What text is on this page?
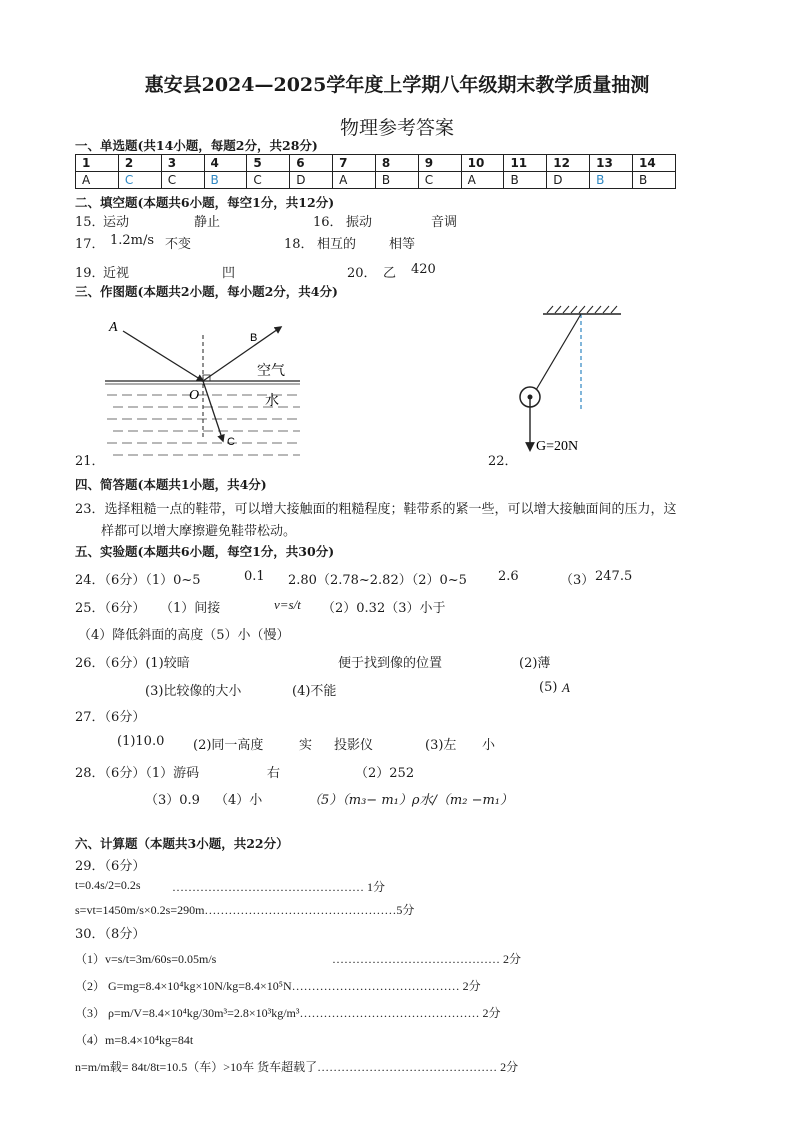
惠安县2024—2025学年度上学期八年级期末教学质量抽测
物理参考答案
一、单选题(共14小题，每题2分，共28分)
1	2	3	4	5	6	7	8	9	10	11	12	13	14
A	C	C	B	C	D	A	B	C	A	B	D	B	B
二、填空题(本题共6小题，每空1分，共12分)
15．
运动	静止	16． 振动	音调
17． 1.2m/s 不变	18． 相互的	相等
19．
近视	凹	20． 乙 420
三、作图题(本题共2小题，每小题2分，共4分)
A
B
O
C
空气
水
21．
G=20N
22．
四、简答题(本题共1小题，共4分)
23．选择粗糙一点的鞋带，可以增大接触面的粗糙程度；鞋带系的紧一些，可以增大接触面间的压力，这
样都可以增大摩擦避免鞋带松动。
五、实验题(本题共6小题，每空1分，共30分)
24．（6分）（1）0~5	0.1 2.80（2.78~2.82）（2）0~5 2.6	（3） 247.5
25．（6分） （1）间接	v=s/t （2）0.32（3）小于
（4）降低斜面的高度（5）小（慢）
26．（6分）(1)较暗	便于找到像的位置	(2)薄
(3)比较像的大小	(4)不能	(5) A
27．（6分）
(1)10.0 (2)同一高度	实 投影仪	(3)左 小
28．（6分）（1）游码	右	（2）252
（3）0.9 （4）小	（5）（m₃− m₁）ρ水/（m₂ −m₁）
六、计算题（本题共3小题，共22分）
29．（6分）
t=0.4s/2=0.2s	………………………………………… 1分
s=vt=1450m/s×0.2s=290m…………………………………………5分
30．（8分）
（1）v=s/t=3m/60s=0.05m/s	…………………………………… 2分
（2） G=mg=8.4×10⁴kg×10N/kg=8.4×10⁵N…………………………………… 2分
（3） ρ=m/V=8.4×10⁴kg/30m³=2.8×10³kg/m³……………………………………… 2分
（4）m=8.4×10⁴kg=84t
n=m/m载= 84t/8t=10.5（车）>10车 货车超载了……………………………………… 2分
